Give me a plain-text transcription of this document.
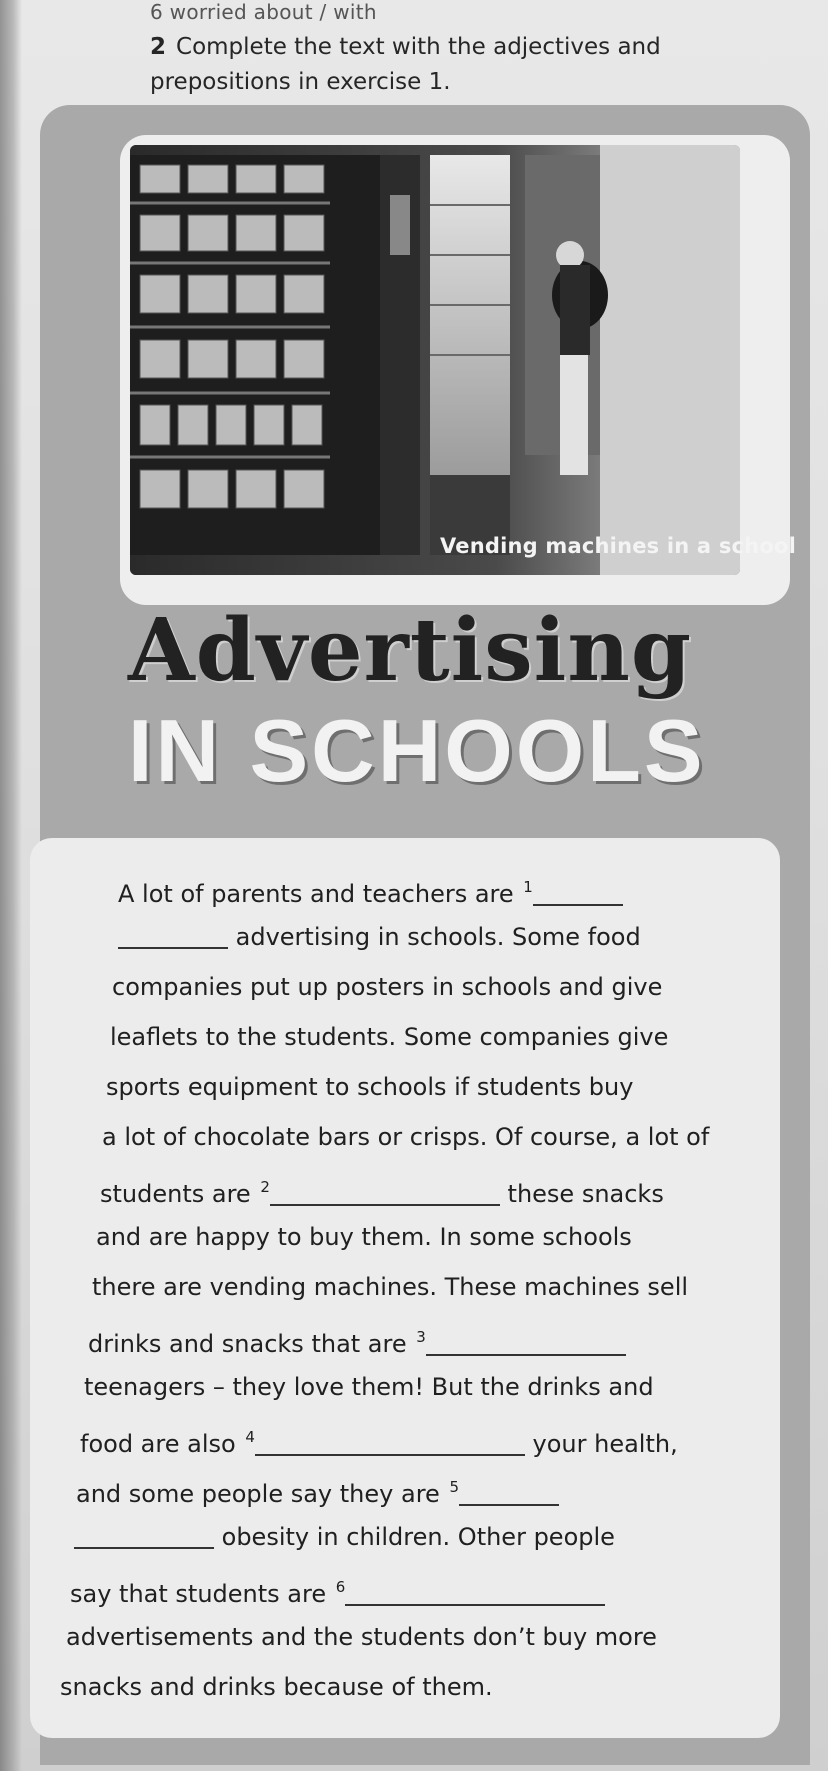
6 worried about / with
2 Complete the text with the adjectives and prepositions in exercise 1.
Vending machines in a school
Advertising
IN SCHOOLS
A lot of parents and teachers are $^1$
advertising in schools. Some food
companies put up posters in schools and give
leaflets to the students. Some companies give
sports equipment to schools if students buy
a lot of chocolate bars or crisps. Of course, a lot of
students are $^2$	these snacks
and are happy to buy them. In some schools
there are vending machines. These machines sell
drinks and snacks that are $^3$
teenagers – they love them! But the drinks and
food are also $^4$	your health,
and some people say they are $^5$
obesity in children. Other people
say that students are $^6$
advertisements and the students don’t buy more
snacks and drinks because of them.
